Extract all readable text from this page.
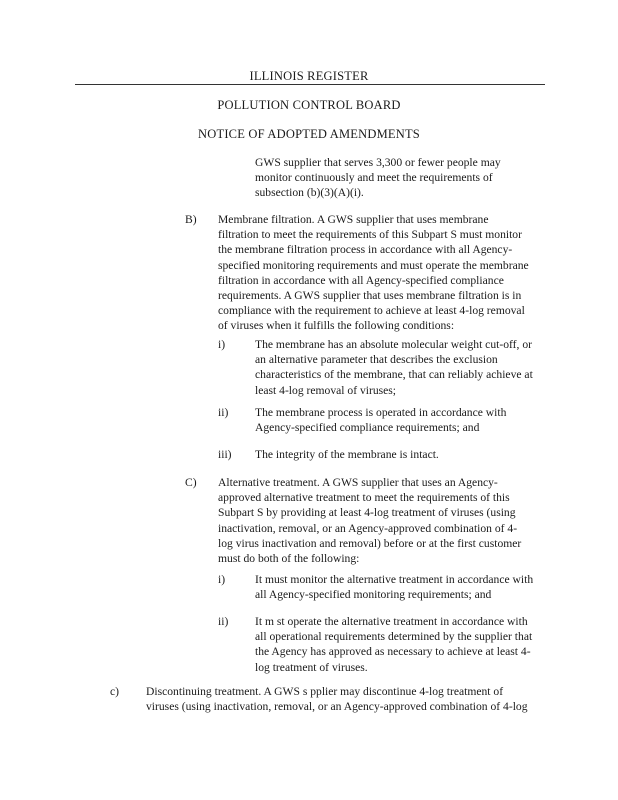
ILLINOIS REGISTER
POLLUTION CONTROL BOARD
NOTICE OF ADOPTED AMENDMENTS
GWS supplier that serves 3,300 or fewer people may
monitor continuously and meet the requirements of
subsection (b)(3)(A)(i).
B) Membrane filtration. A GWS supplier that uses membrane
filtration to meet the requirements of this Subpart S must monitor
the membrane filtration process in accordance with all Agency-
specified monitoring requirements and must operate the membrane
filtration in accordance with all Agency-specified compliance
requirements. A GWS supplier that uses membrane filtration is in
compliance with the requirement to achieve at least 4-log removal
of viruses when it fulfills the following conditions:
i)	The membrane has an absolute molecular weight cut-off, or
an alternative parameter that describes the exclusion
characteristics of the membrane, that can reliably achieve at
least 4-log removal of viruses;
ii) The membrane process is operated in accordance with
Agency-specified compliance requirements; and
iii) The integrity of the membrane is intact.
C) Alternative treatment. A GWS supplier that uses an Agency-
approved alternative treatment to meet the requirements of this
Subpart S by providing at least 4-log treatment of viruses (using
inactivation, removal, or an Agency-approved combination of 4-
log virus inactivation and removal) before or at the first customer
must do both of the following:
i)	It must monitor the alternative treatment in accordance with
all Agency-specified monitoring requirements; and
ii) It m st operate the alternative treatment in accordance with
all operational requirements determined by the supplier that
the Agency has approved as necessary to achieve at least 4-
log treatment of viruses.
c) Discontinuing treatment. A GWS s pplier may discontinue 4-log treatment of
viruses (using inactivation, removal, or an Agency-approved combination of 4-log
